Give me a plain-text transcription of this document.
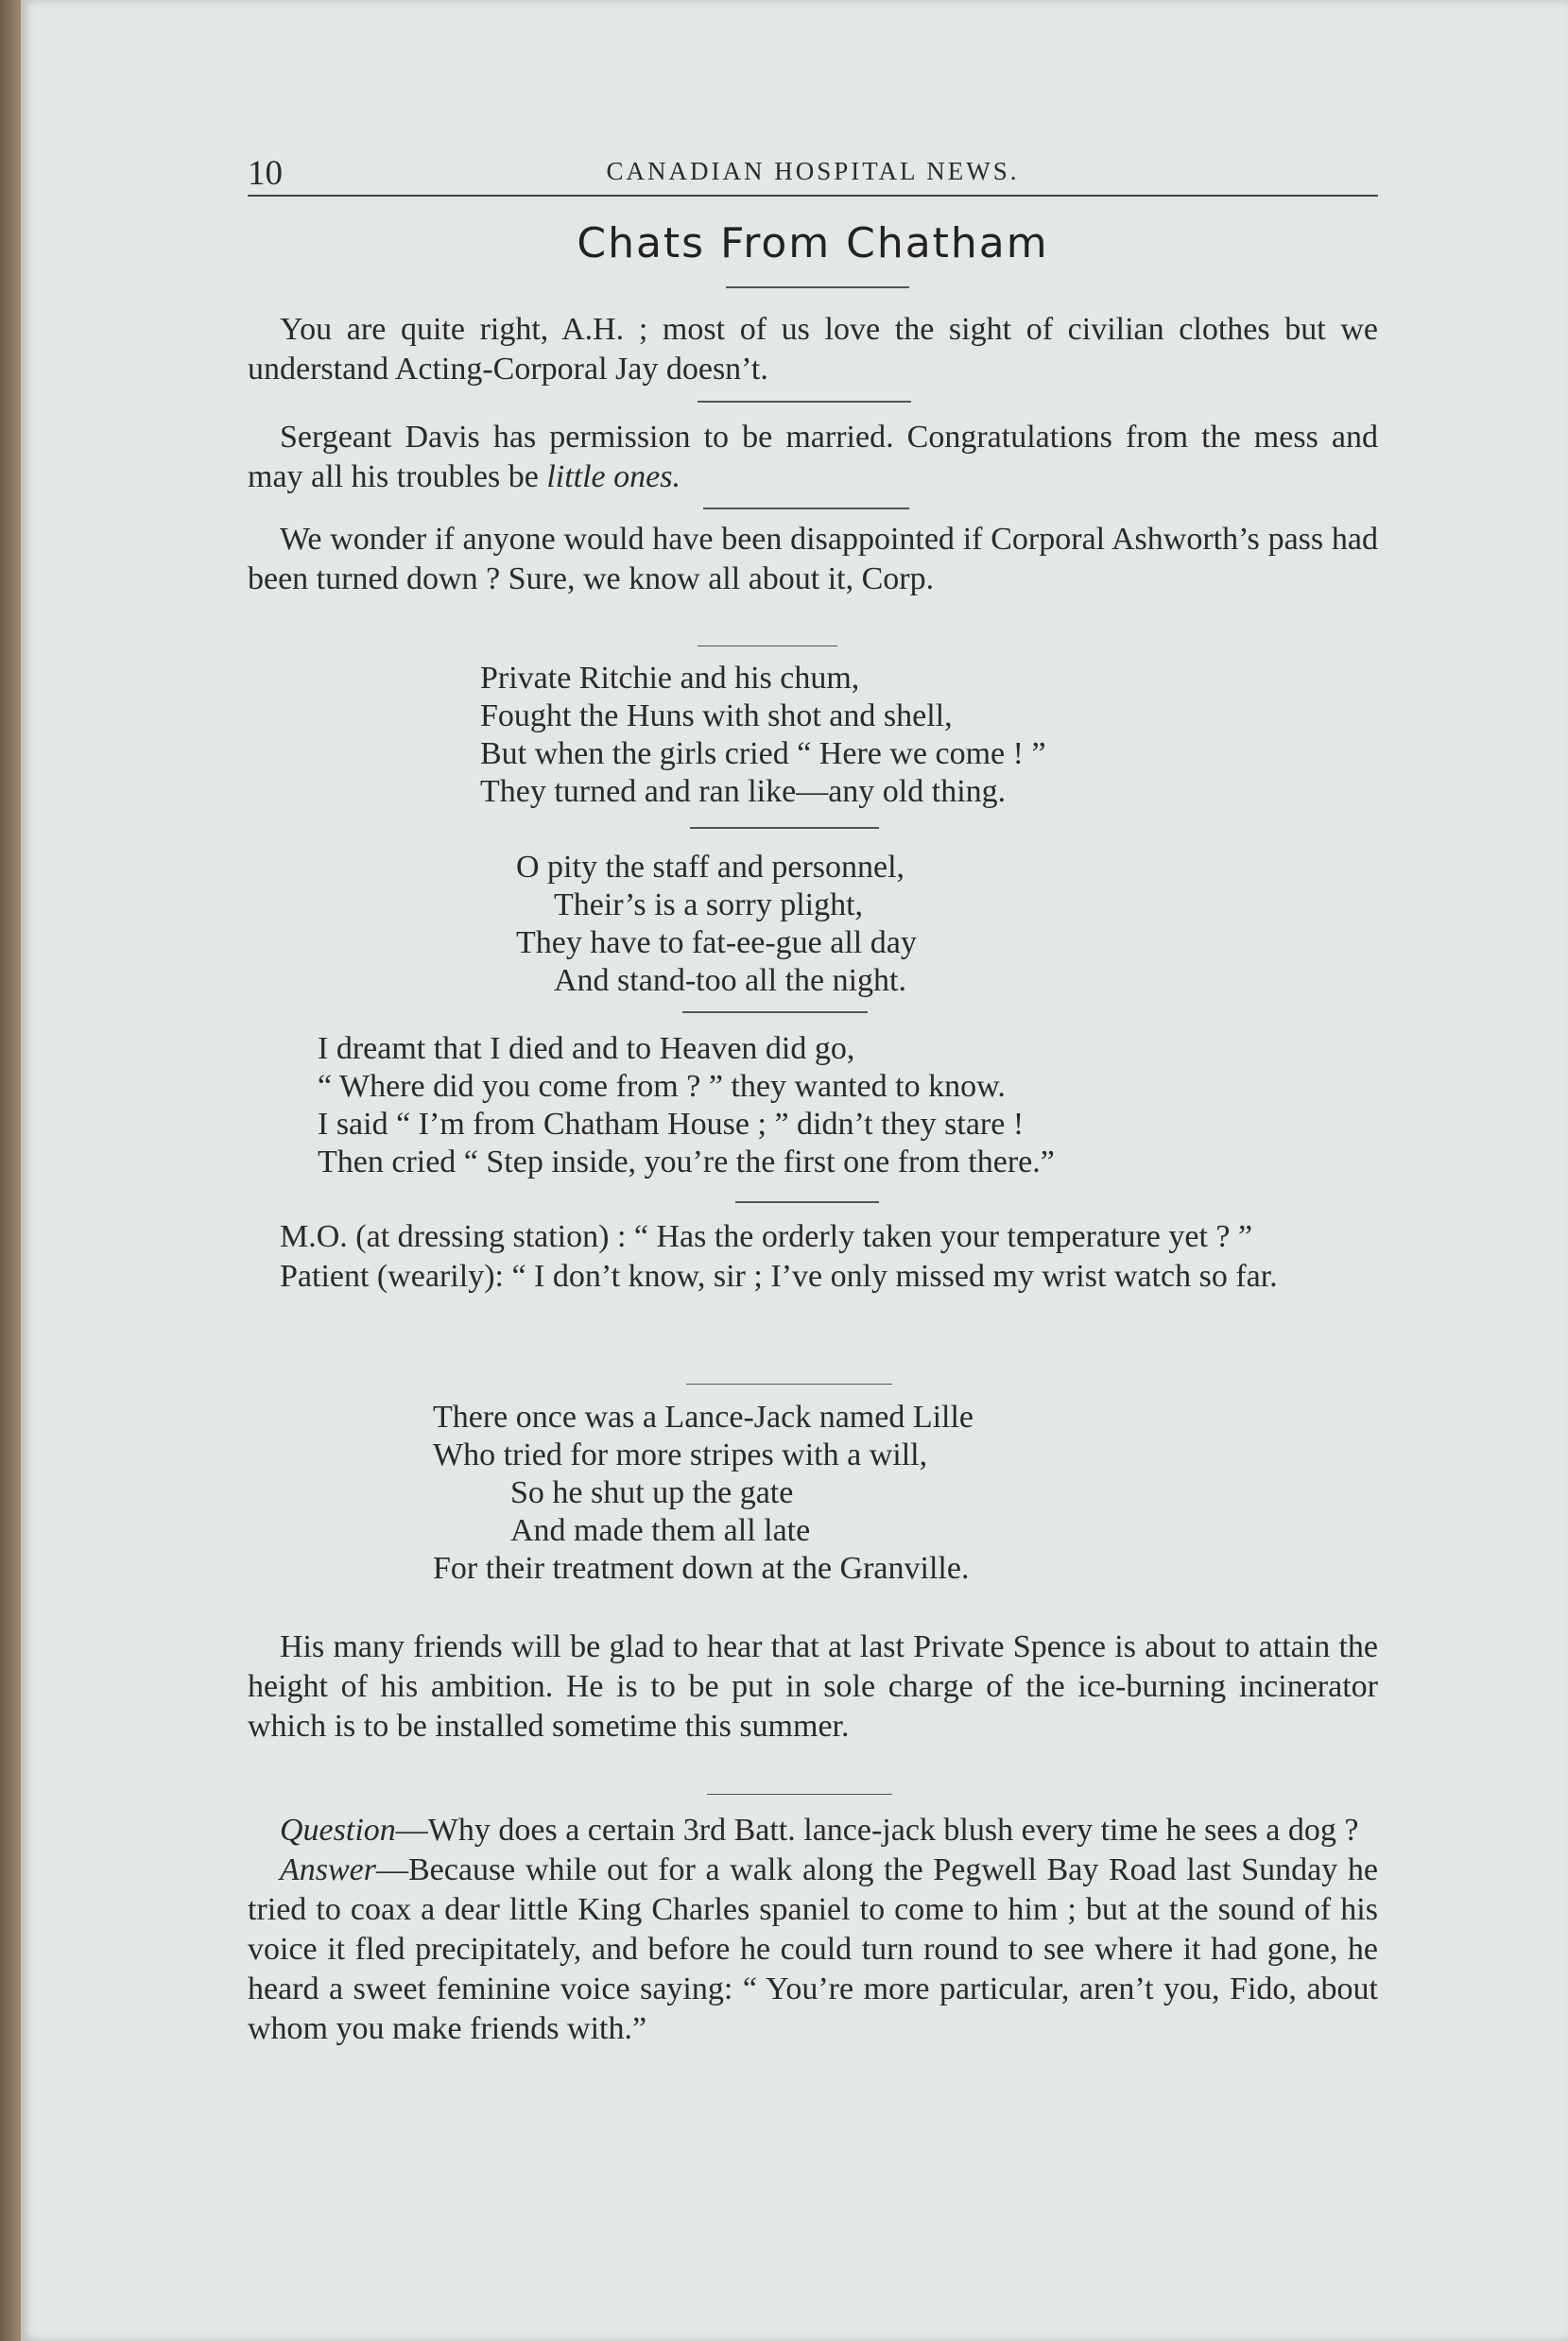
10	CANADIAN HOSPITAL NEWS.
Chats From Chatham

You are quite right, A.H. ; most of us love the sight of civilian clothes but we understand Acting-Corporal Jay doesn’t.

Sergeant Davis has permission to be married. Congratulations from the mess and may all his troubles be little ones.

We wonder if anyone would have been disappointed if Corporal Ashworth’s pass had been turned down ? Sure, we know all about it, Corp.

Private Ritchie and his chum,
Fought the Huns with shot and shell,
But when the girls cried “ Here we come ! ”
They turned and ran like—any old thing.
O pity the staff and personnel,
Their’s is a sorry plight,
They have to fat-ee-gue all day
And stand-too all the night.
I dreamt that I died and to Heaven did go,
“ Where did you come from ? ” they wanted to know.
I said “ I’m from Chatham House ; ” didn’t they stare !
Then cried “ Step inside, you’re the first one from there.”

M.O. (at dressing station) : “ Has the orderly taken your temperature yet ? ”

Patient (wearily): “ I don’t know, sir ; I’ve only missed my wrist watch so far.

There once was a Lance-Jack named Lille
Who tried for more stripes with a will,
So he shut up the gate
And made them all late
For their treatment down at the Granville.

His many friends will be glad to hear that at last Private Spence is about to attain the height of his ambition. He is to be put in sole charge of the ice-burning incinerator which is to be installed sometime this summer.

Question—Why does a certain 3rd Batt. lance-jack blush every time he sees a dog ?

Answer—Because while out for a walk along the Pegwell Bay Road last Sunday he tried to coax a dear little King Charles spaniel to come to him ; but at the sound of his voice it fled precipitately, and before he could turn round to see where it had gone, he heard a sweet feminine voice saying: “ You’re more particular, aren’t you, Fido, about whom you make friends with.”
